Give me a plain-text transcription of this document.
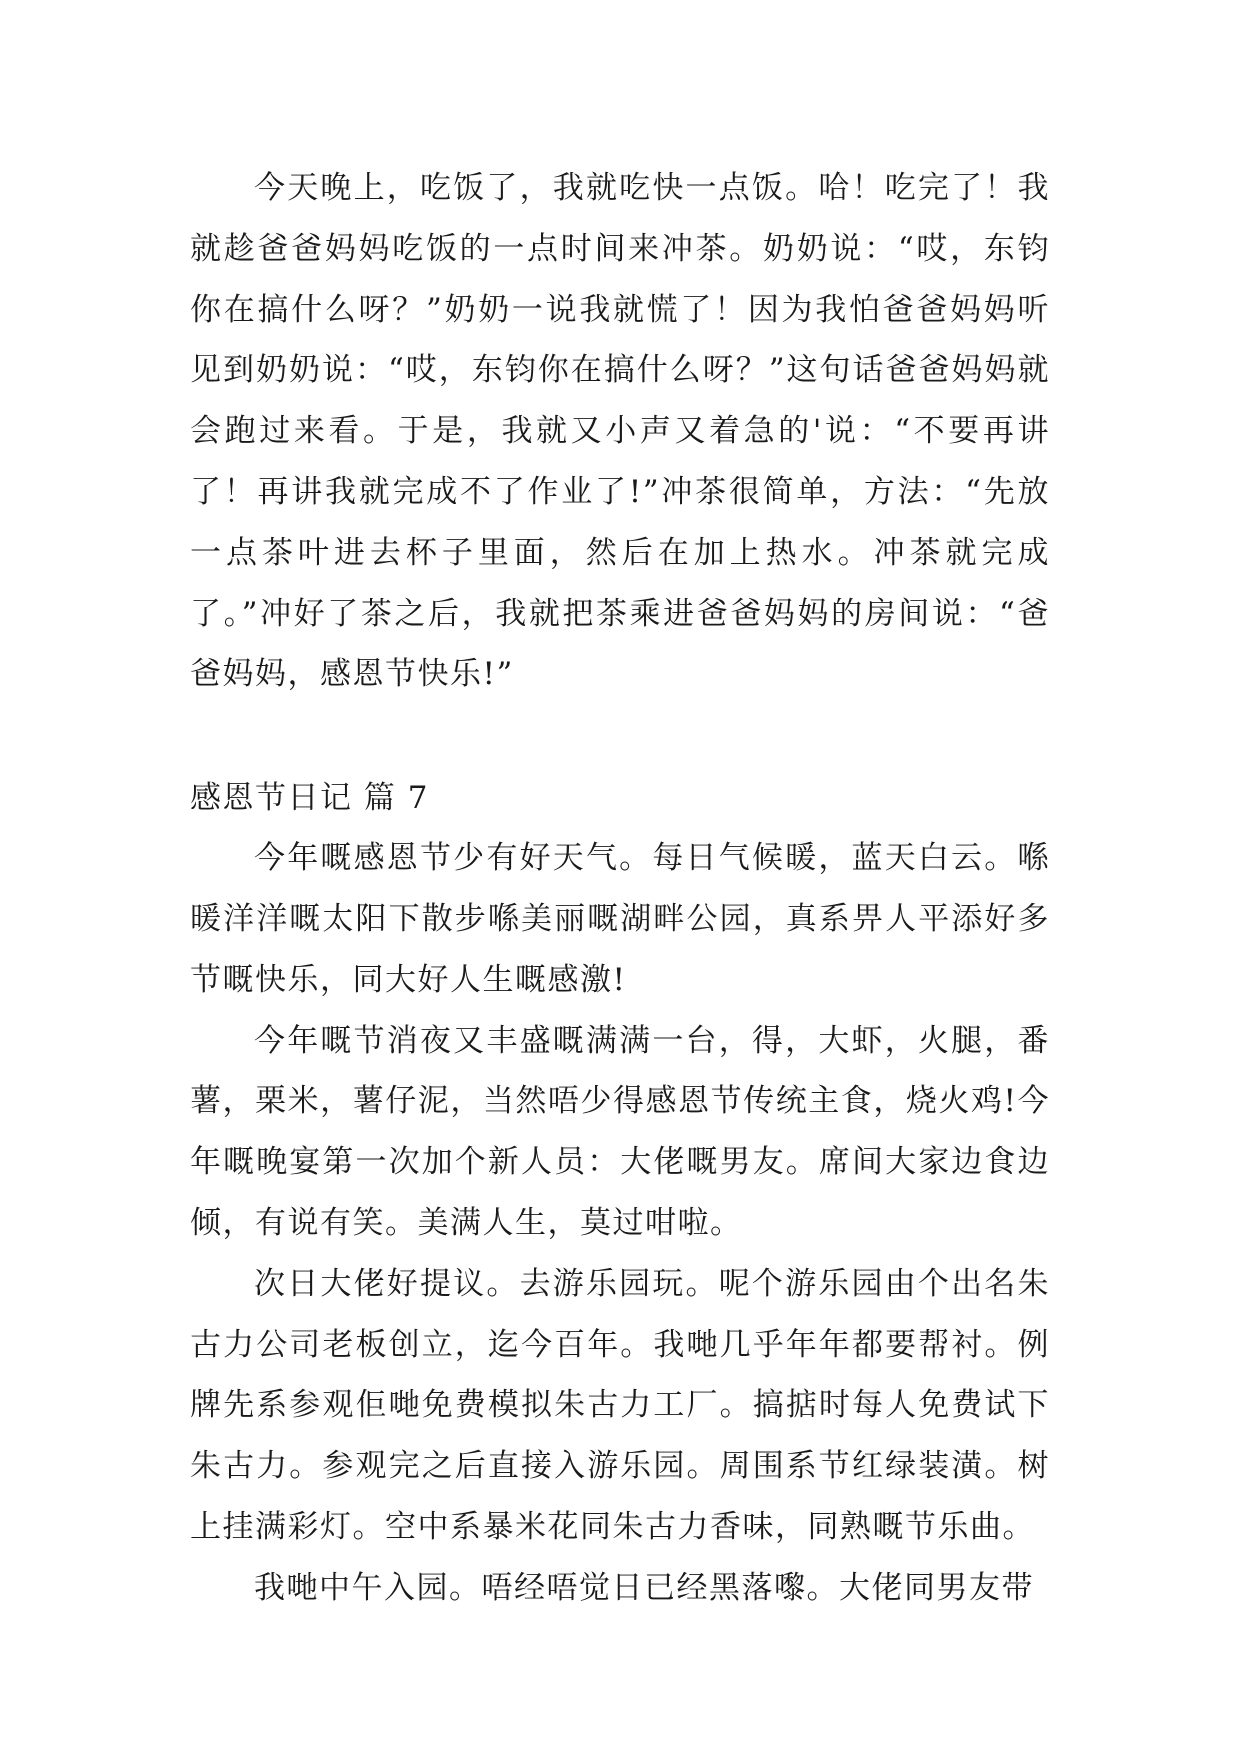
今天晚上，吃饭了，我就吃快一点饭。哈！吃完了！我就趁爸爸妈妈吃饭的一点时间来冲茶。奶奶说：“哎，东钧你在搞什么呀？”奶奶一说我就慌了！因为我怕爸爸妈妈听见到奶奶说：“哎，东钧你在搞什么呀？”这句话爸爸妈妈就会跑过来看。于是，我就又小声又着急的'说：“不要再讲了！再讲我就完成不了作业了!”冲茶很简单，方法：“先放一点茶叶进去杯子里面，然后在加上热水。冲茶就完成了。”冲好了茶之后，我就把茶乘进爸爸妈妈的房间说：“爸爸妈妈，感恩节快乐!”

感恩节日记 篇 7

今年嘅感恩节少有好天气。每日气候暖，蓝天白云。喺暖洋洋嘅太阳下散步喺美丽嘅湖畔公园，真系畀人平添好多节嘅快乐，同大好人生嘅感激!

今年嘅节消夜又丰盛嘅满满一台，得，大虾，火腿，番薯，栗米，薯仔泥，当然唔少得感恩节传统主食，烧火鸡!今年嘅晚宴第一次加个新人员：大佬嘅男友。席间大家边食边倾，有说有笑。美满人生，莫过咁啦。

次日大佬好提议。去游乐园玩。呢个游乐园由个出名朱古力公司老板创立，迄今百年。我哋几乎年年都要帮衬。例牌先系参观佢哋免费模拟朱古力工厂。搞掂时每人免费试下朱古力。参观完之后直接入游乐园。周围系节红绿装潢。树上挂满彩灯。空中系暴米花同朱古力香味，同熟嘅节乐曲。

我哋中午入园。唔经唔觉日已经黑落嚟。大佬同男友带
